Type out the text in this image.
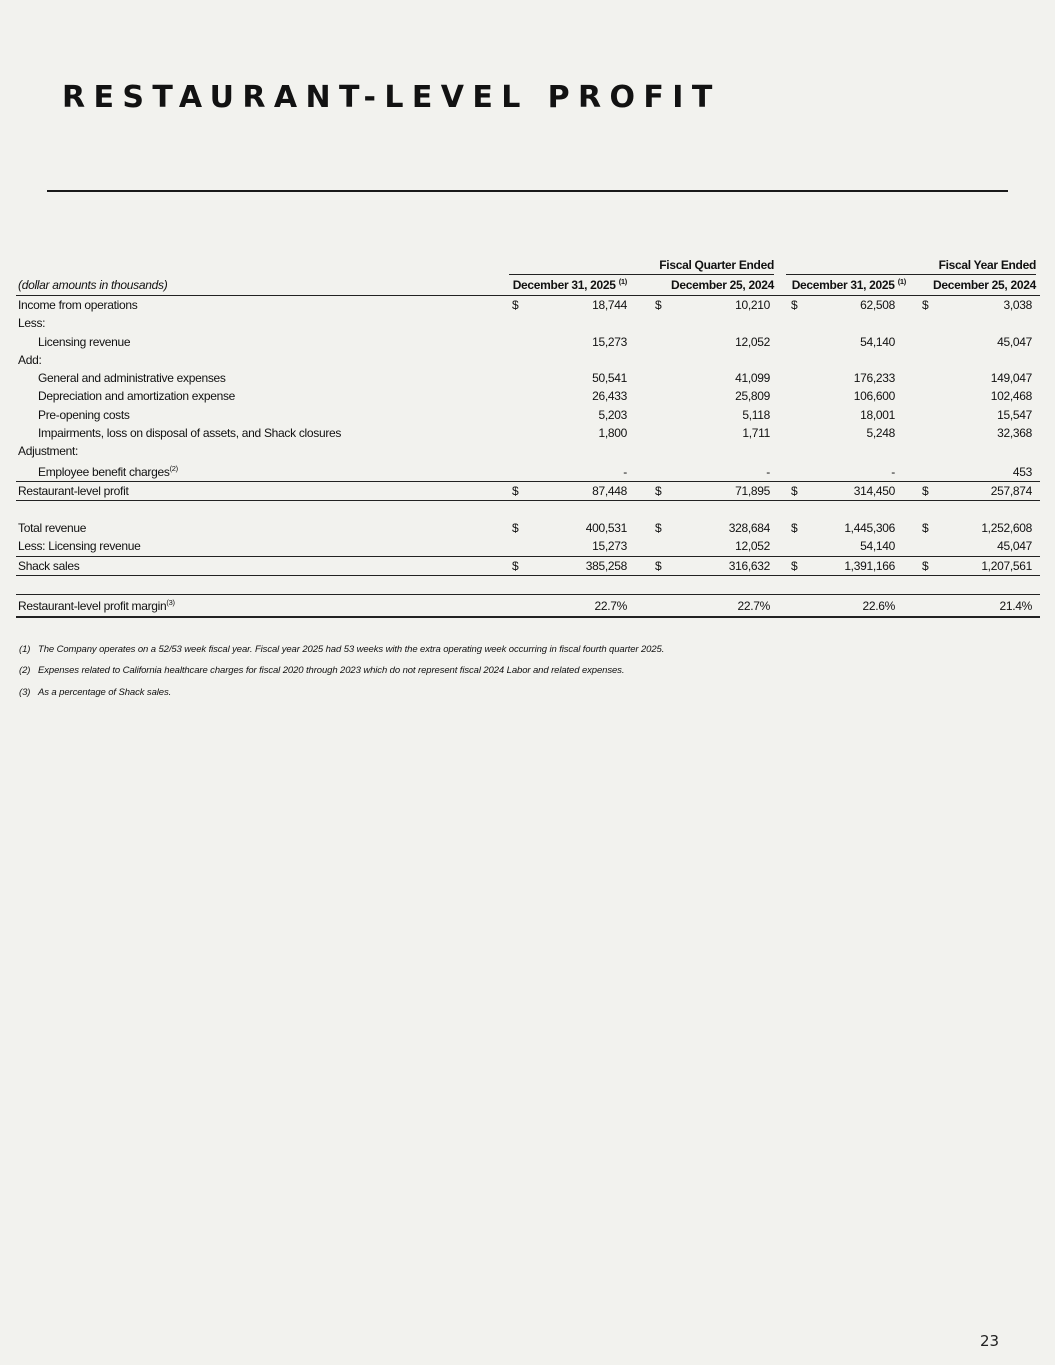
RESTAURANT-LEVEL PROFIT
Fiscal Quarter Ended	Fiscal Year Ended
(dollar amounts in thousands)	December 31, 2025 $^{(1)}$	December 25, 2024	December 31, 2025 $^{(1)}$	December 25, 2024
Income from operations	$	18,744 $	10,210 $	62,508 $	3,038
Less:
Licensing revenue	15,273	12,052	54,140	45,047
Add:
General and administrative expenses	50,541	41,099	176,233	149,047
Depreciation and amortization expense	26,433	25,809	106,600	102,468
Pre-opening costs	5,203	5,118	18,001	15,547
Impairments, loss on disposal of assets, and Shack closures	1,800	1,711	5,248	32,368
Adjustment:
Employee benefit charges$^{(2)}$	-	-	-	453
Restaurant-level profit	$	87,448 $	71,895 $	314,450 $	257,874
Total revenue	$	400,531 $	328,684 $	1,445,306 $	1,252,608
Less: Licensing revenue	15,273	12,052	54,140	45,047
Shack sales	$	385,258 $	316,632 $	1,391,166 $	1,207,561
Restaurant-level profit margin$^{(3)}$	22.7%	22.7%	22.6%	21.4%
(1) The Company operates on a 52/53 week fiscal year. Fiscal year 2025 had 53 weeks with the extra operating week occurring in fiscal fourth quarter 2025.
(2) Expenses related to California healthcare charges for fiscal 2020 through 2023 which do not represent fiscal 2024 Labor and related expenses.
(3) As a percentage of Shack sales.
23
